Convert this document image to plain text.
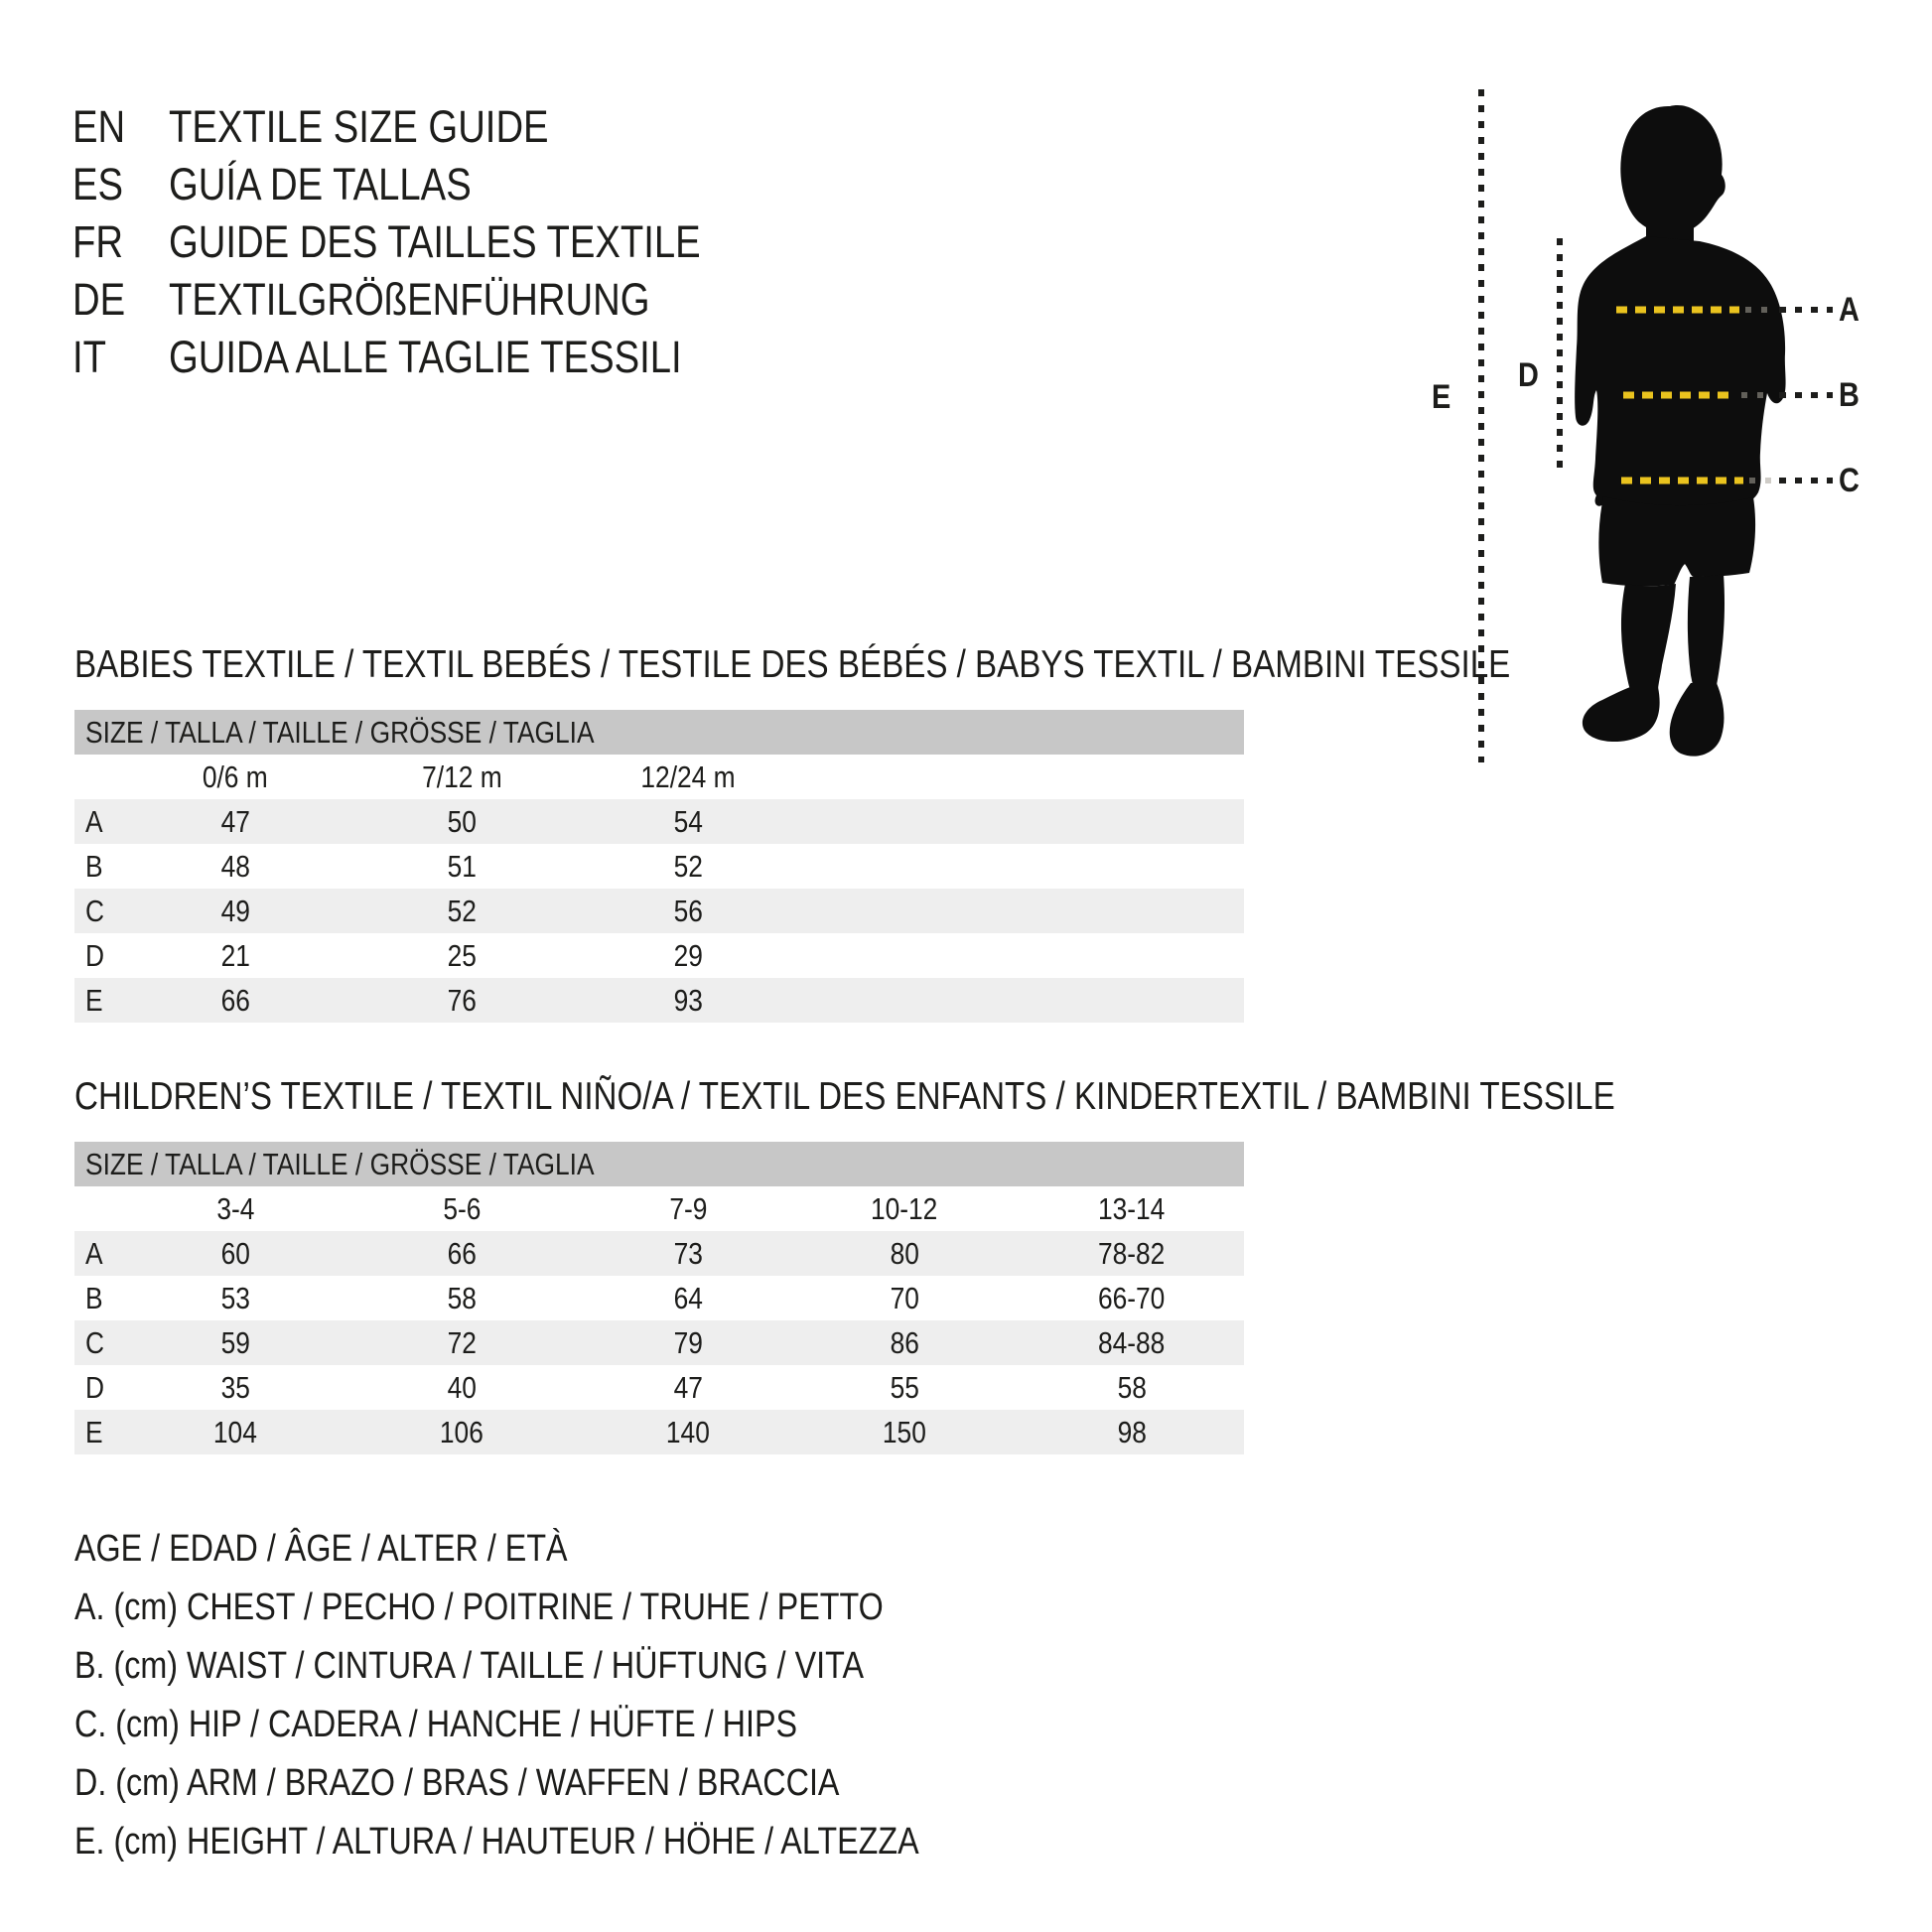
EN TEXTILE SIZE GUIDE
ES	GUÍA DE TALLAS
FR	GUIDE DES TAILLES TEXTILE
DE TEXTILGRÖßENFÜHRUNG
IT	GUIDA ALLE TAGLIE TESSILI
E
D
A
B
C
BABIES TEXTILE / TEXTIL BEBÉS / TESTILE DES BÉBÉS / BABYS TEXTIL / BAMBINI TESSILE
SIZE / TALLA / TAILLE / GRÖSSE / TAGLIA
0/6 m	7/12 m	12/24 m
A	47	50	54
B	48	51	52
C	49	52	56
D	21	25	29
E	66	76	93
CHILDREN’S TEXTILE / TEXTIL NIÑO/A / TEXTIL DES ENFANTS / KINDERTEXTIL / BAMBINI TESSILE
SIZE / TALLA / TAILLE / GRÖSSE / TAGLIA
3-4	5-6	7-9	10-12	13-14
A	60	66	73	80	78-82
B	53	58	64	70	66-70
C	59	72	79	86	84-88
D	35	40	47	55	58
E	104	106	140	150	98
AGE / EDAD / ÂGE / ALTER / ETÀ
A. (cm) CHEST / PECHO / POITRINE / TRUHE / PETTO
B. (cm) WAIST / CINTURA / TAILLE / HÜFTUNG / VITA
C. (cm) HIP / CADERA / HANCHE / HÜFTE / HIPS
D. (cm) ARM / BRAZO / BRAS / WAFFEN / BRACCIA
E. (cm) HEIGHT / ALTURA / HAUTEUR / HÖHE / ALTEZZA
